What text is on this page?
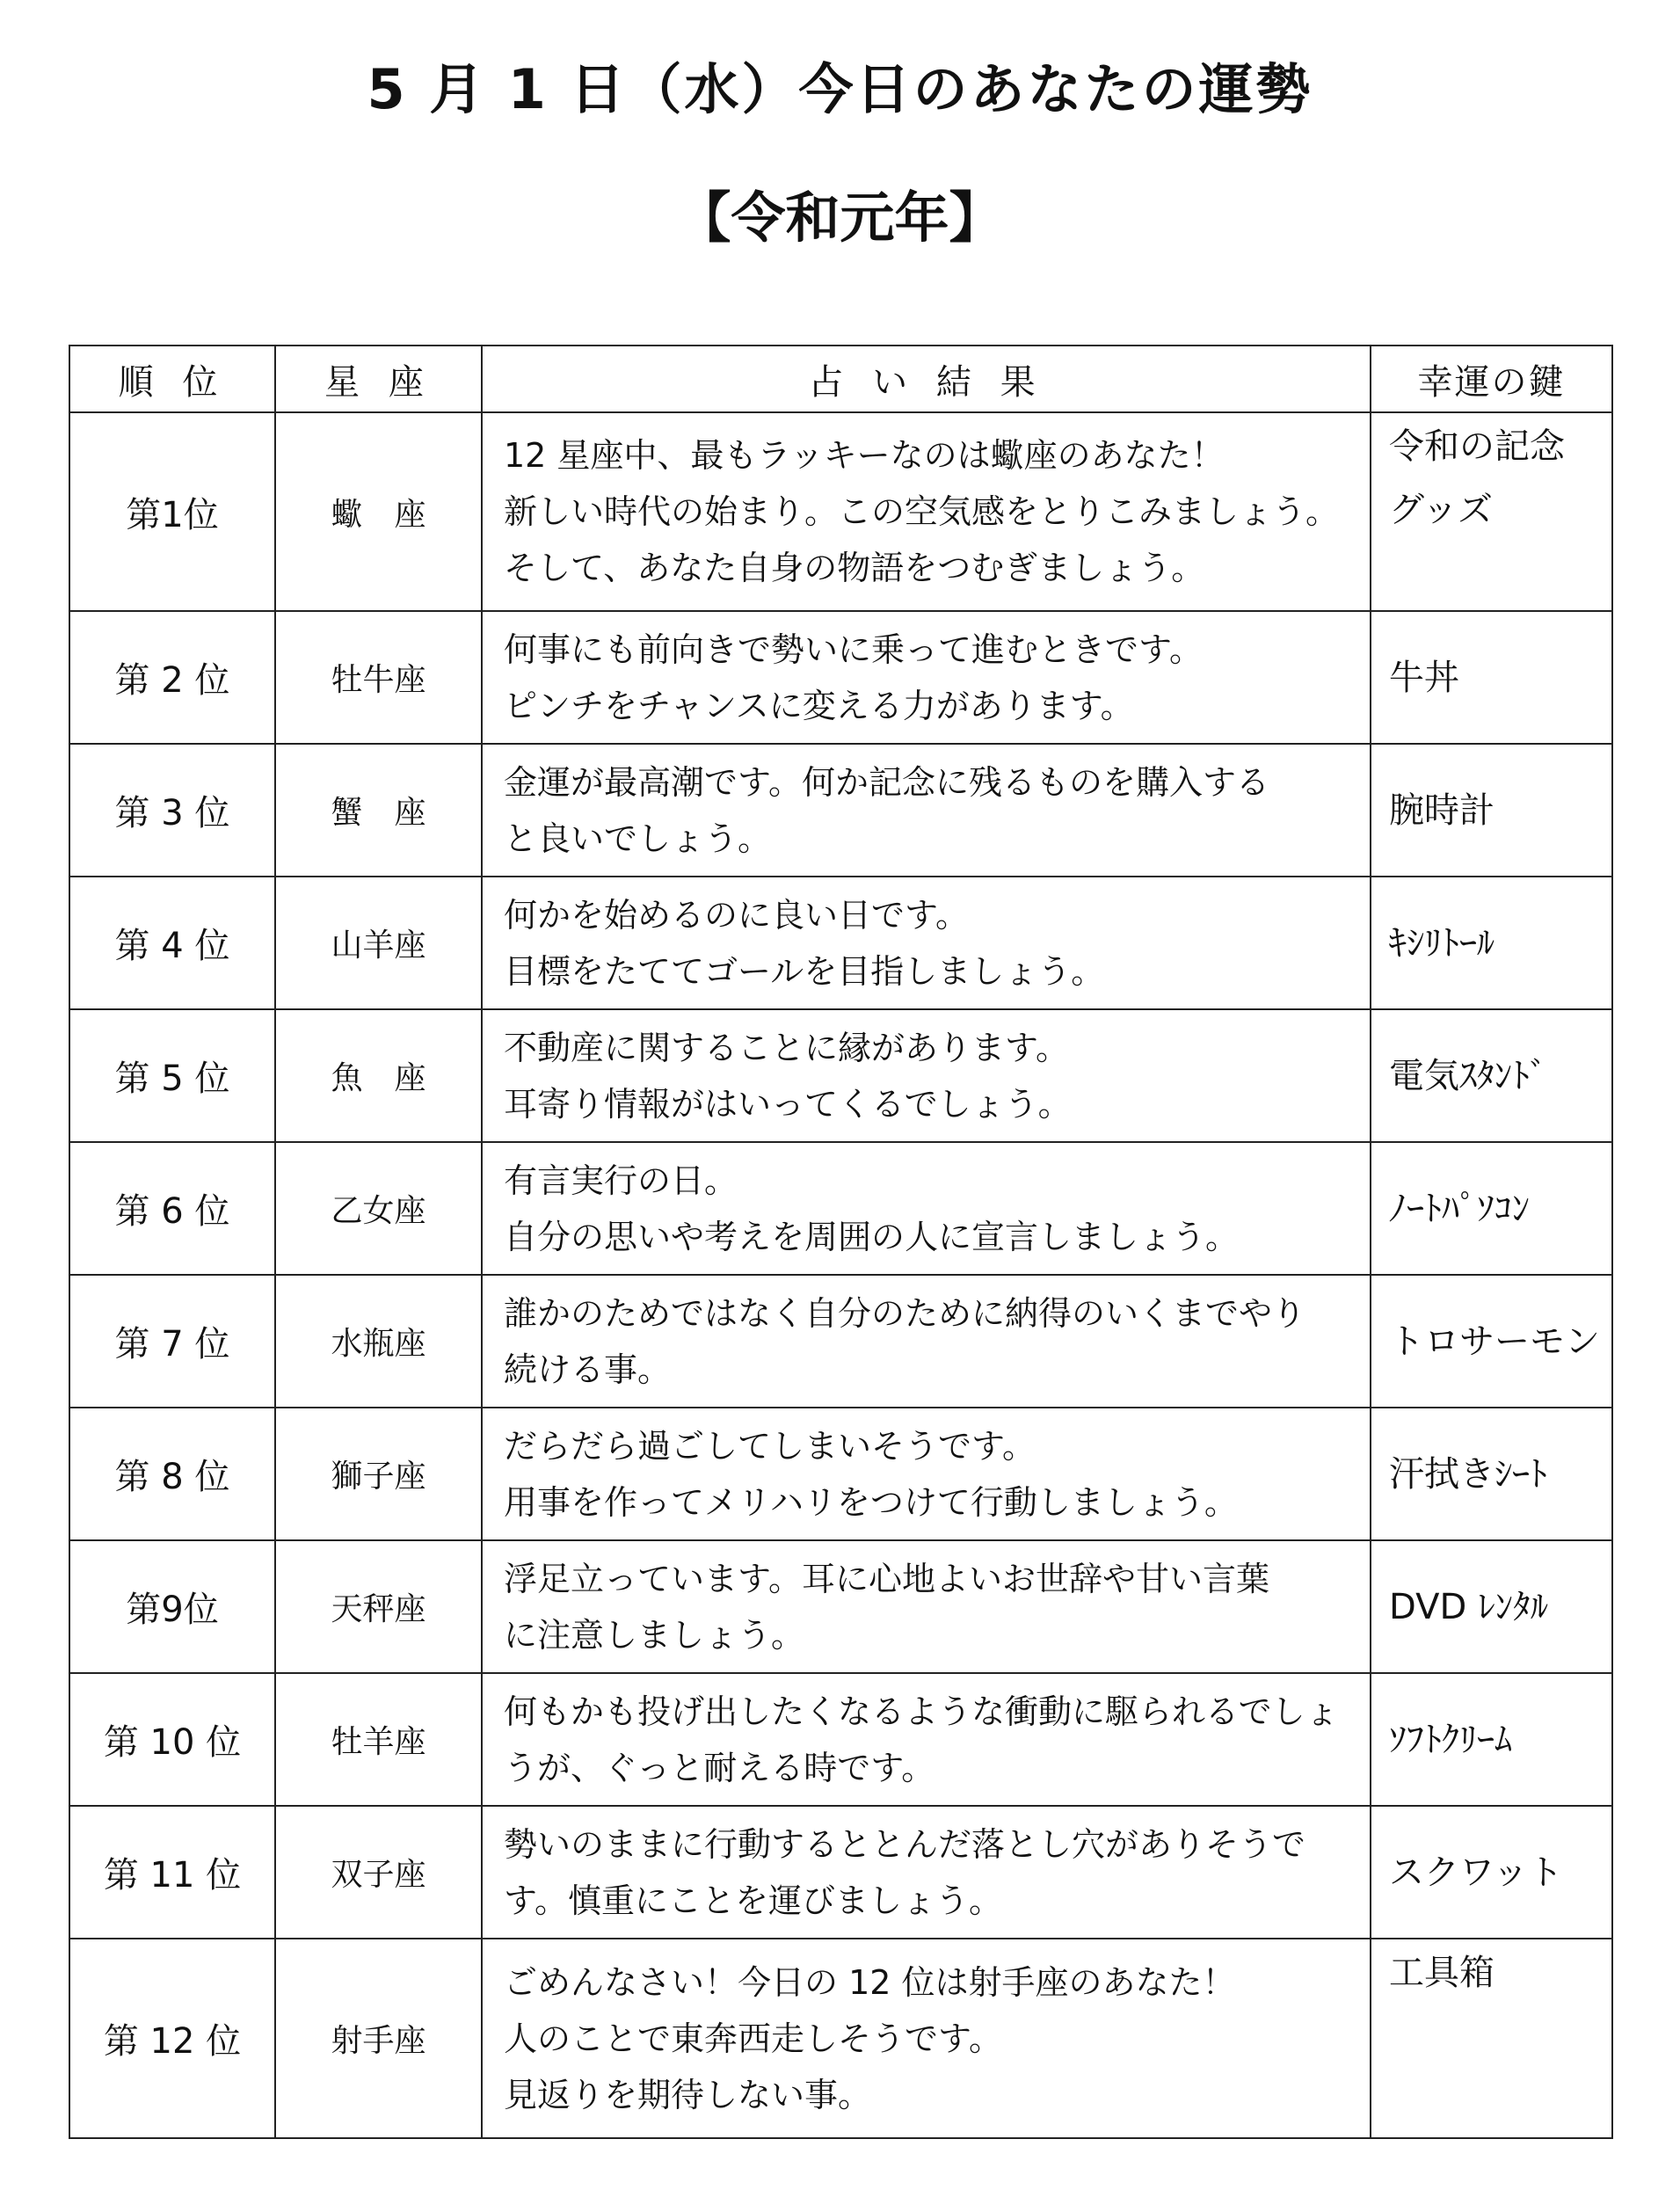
5 月 1 日（水）今日のあなたの運勢
【令和元年】
順 位	星 座	占 い 結 果	幸運の鍵
第1位	蠍　座	12 星座中、最もラッキーなのは蠍座のあなた！
新しい時代の始まり。この空気感をとりこみましょう。
そして、あなた自身の物語をつむぎましょう。	令和の記念
グッズ

第 2 位	牡牛座	何事にも前向きで勢いに乗って進むときです。
ピンチをチャンスに変える力があります。	牛丼
第 3 位	蟹　座	金運が最高潮です。何か記念に残るものを購入する
と良いでしょう。	腕時計
第 4 位	山羊座	何かを始めるのに良い日です。
目標をたててゴールを目指しましょう。	ｷｼﾘﾄｰﾙ
第 5 位	魚　座	不動産に関することに縁があります。
耳寄り情報がはいってくるでしょう。	電気ｽﾀﾝﾄﾞ
第 6 位	乙女座	有言実行の日。
自分の思いや考えを周囲の人に宣言しましょう。	ﾉｰﾄﾊﾟｿｺﾝ
第 7 位	水瓶座	誰かのためではなく自分のために納得のいくまでやり
続ける事。	トロサーモン
第 8 位	獅子座	だらだら過ごしてしまいそうです。
用事を作ってメリハリをつけて行動しましょう。	汗拭きｼｰﾄ
第9位	天秤座	浮足立っています。耳に心地よいお世辞や甘い言葉
に注意しましょう。	DVD ﾚﾝﾀﾙ
第 10 位	牡羊座	何もかも投げ出したくなるような衝動に駆られるでしょ
うが、ぐっと耐える時です。	ｿﾌﾄｸﾘｰﾑ
第 11 位	双子座	勢いのままに行動するととんだ落とし穴がありそうで
す。慎重にことを運びましょう。	スクワット
第 12 位	射手座	ごめんなさい！今日の 12 位は射手座のあなた！
人のことで東奔西走しそうです。
見返りを期待しない事。	工具箱
